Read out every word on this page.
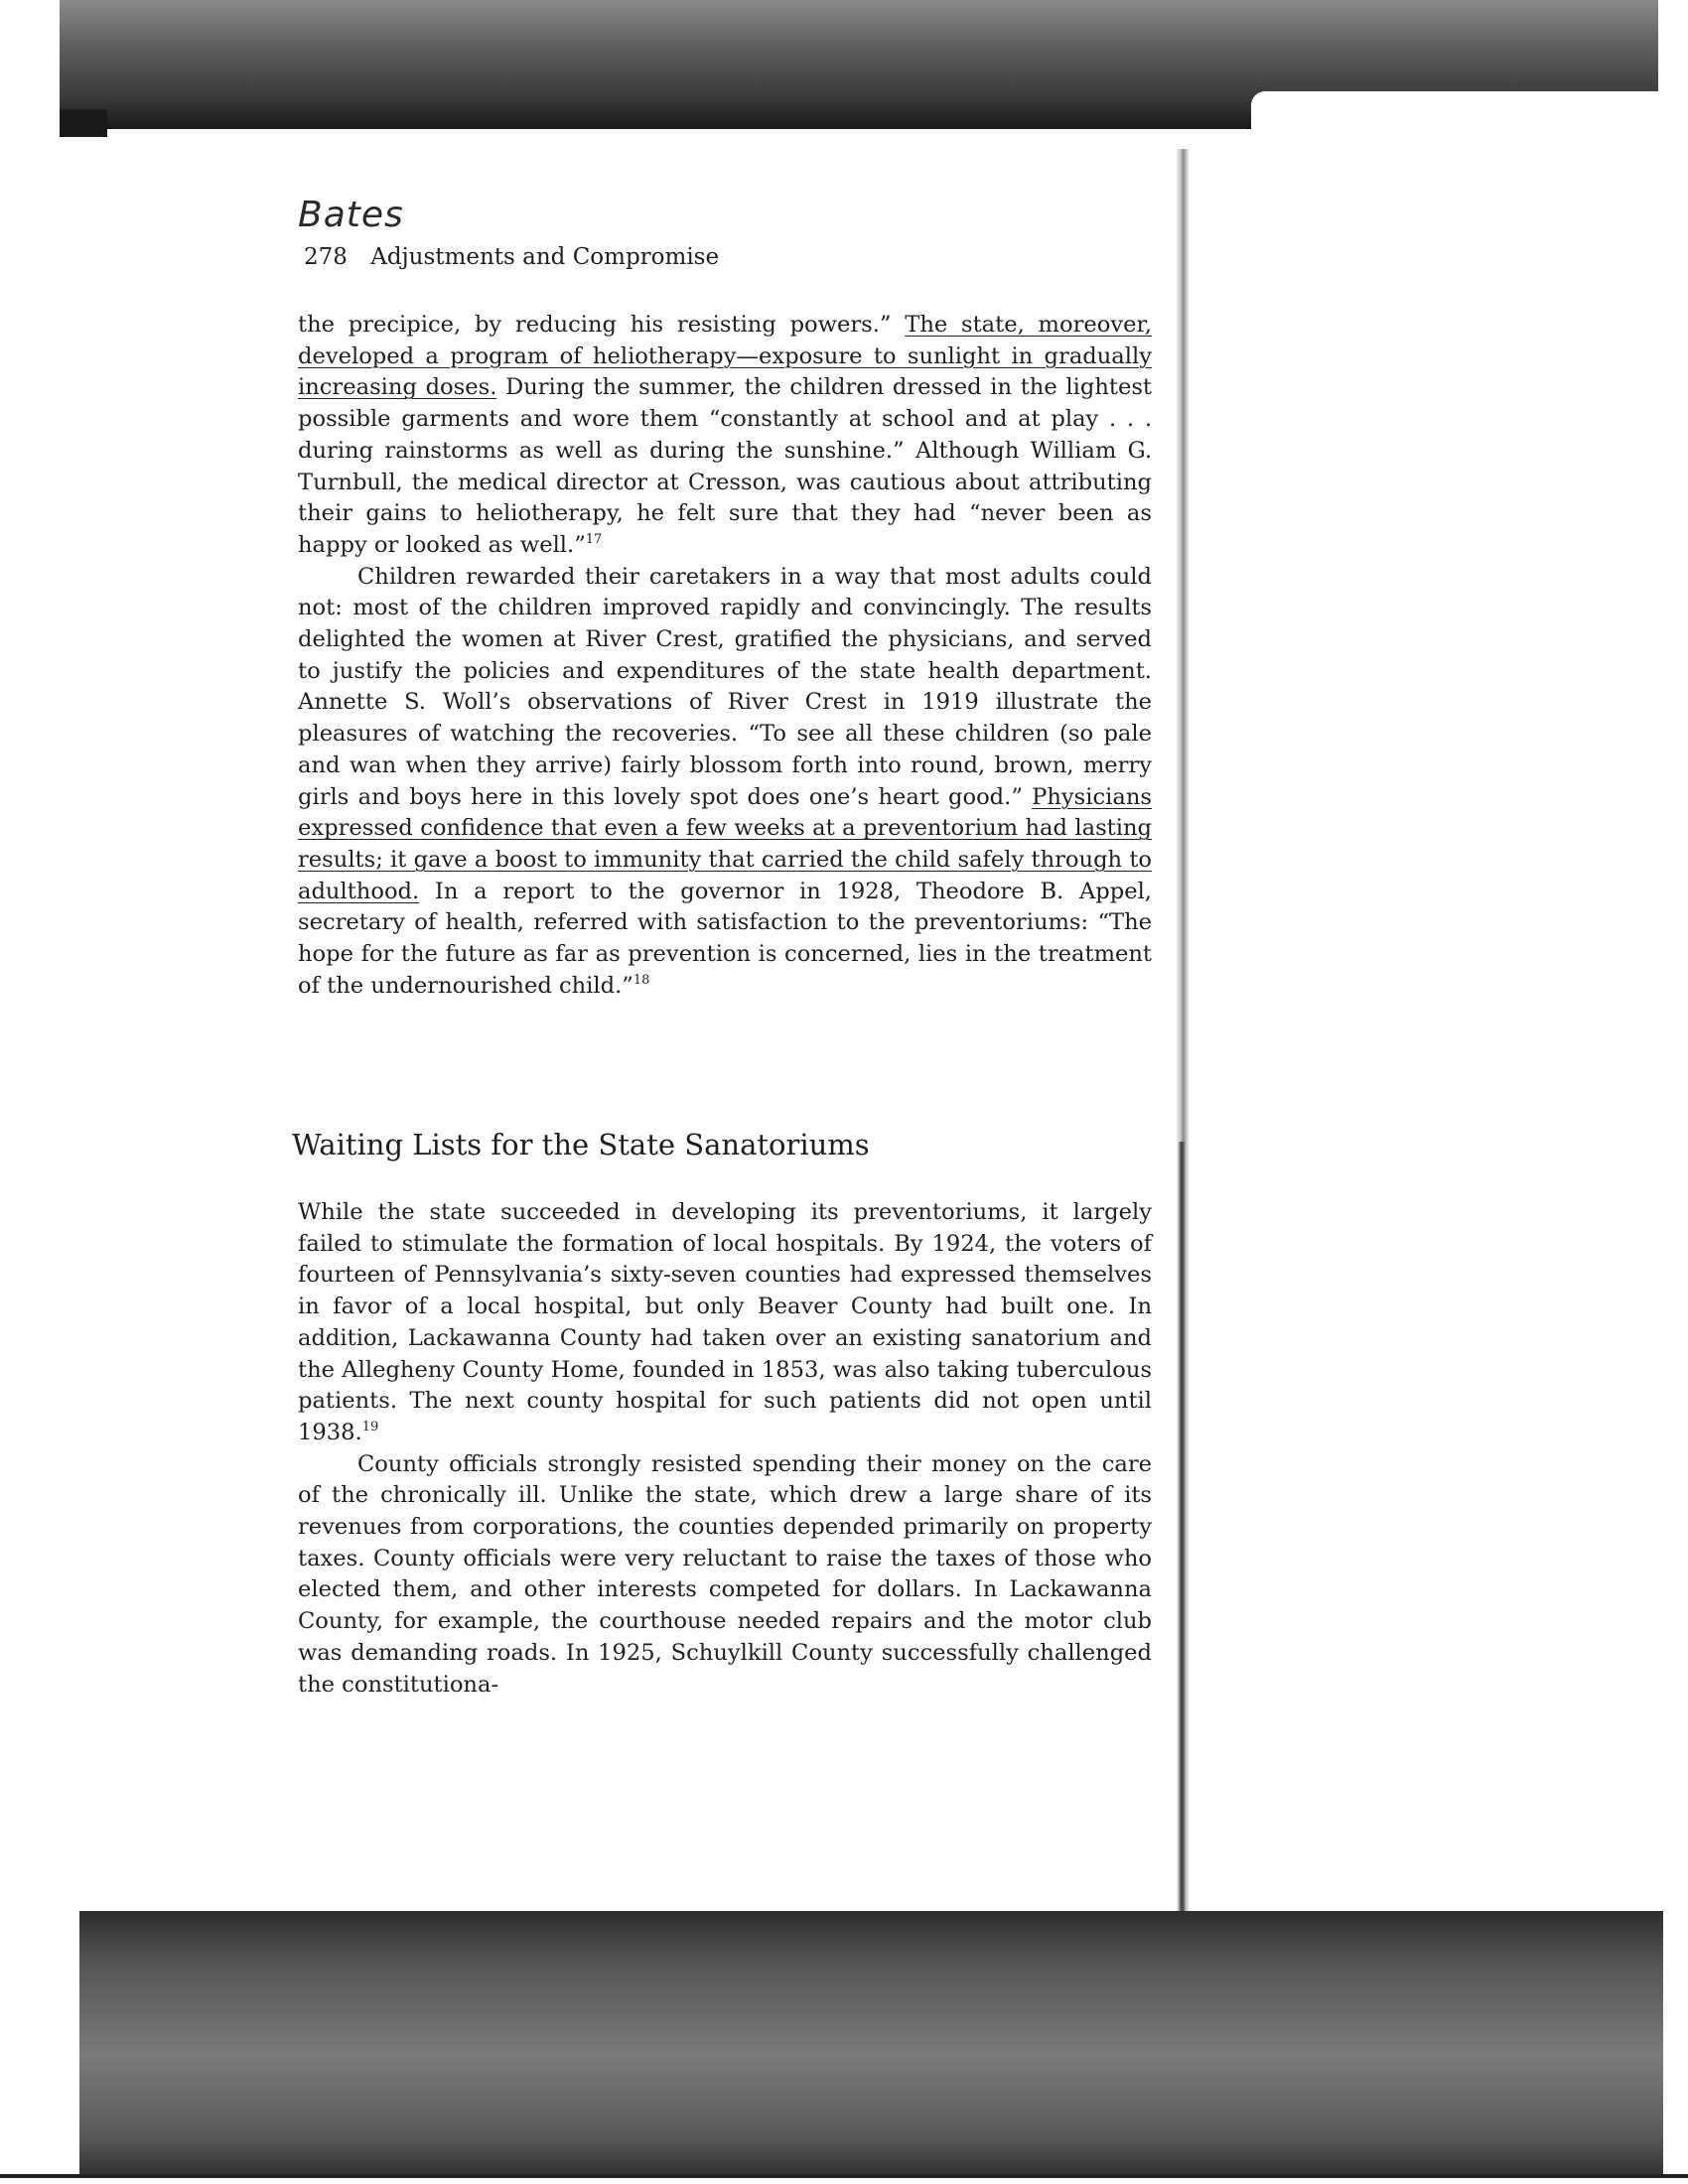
Bates
278 Adjustments and Compromise

the precipice, by reducing his resisting powers.” The state, moreover, developed a program of heliotherapy—exposure to sunlight in gradually increasing doses. During the summer, the children dressed in the lightest possible garments and wore them “constantly at school and at play . . . during rainstorms as well as during the sunshine.” Although William G. Turnbull, the medical director at Cresson, was cautious about attributing their gains to heliotherapy, he felt sure that they had “never been as happy or looked as well.”$^{17}$

Children rewarded their caretakers in a way that most adults could not: most of the children improved rapidly and convincingly. The results delighted the women at River Crest, gratified the physicians, and served to justify the policies and expenditures of the state health department. Annette S. Woll’s observations of River Crest in 1919 illustrate the pleasures of watching the recoveries. “To see all these children (so pale and wan when they arrive) fairly blossom forth into round, brown, merry girls and boys here in this lovely spot does one’s heart good.” Physicians expressed confidence that even a few weeks at a preventorium had lasting results; it gave a boost to immunity that carried the child safely through to adulthood. In a report to the governor in 1928, Theodore B. Appel, secretary of health, referred with satisfaction to the preventoriums: “The hope for the future as far as prevention is concerned, lies in the treatment of the undernourished child.”$^{18}$

Waiting Lists for the State Sanatoriums

While the state succeeded in developing its preventoriums, it largely failed to stimulate the formation of local hospitals. By 1924, the voters of fourteen of Pennsylvania’s sixty-seven counties had expressed themselves in favor of a local hospital, but only Beaver County had built one. In addition, Lackawanna County had taken over an existing sanatorium and the Allegheny County Home, founded in 1853, was also taking tuberculous patients. The next county hospital for such patients did not open until 1938.19

County officials strongly resisted spending their money on the care of the chronically ill. Unlike the state, which drew a large share of its revenues from corporations, the counties depended primarily on property taxes. County officials were very reluctant to raise the taxes of those who elected them, and other interests competed for dollars. In Lackawanna County, for example, the courthouse needed repairs and the motor club was demanding roads. In 1925, Schuylkill County successfully challenged the constitutiona-
